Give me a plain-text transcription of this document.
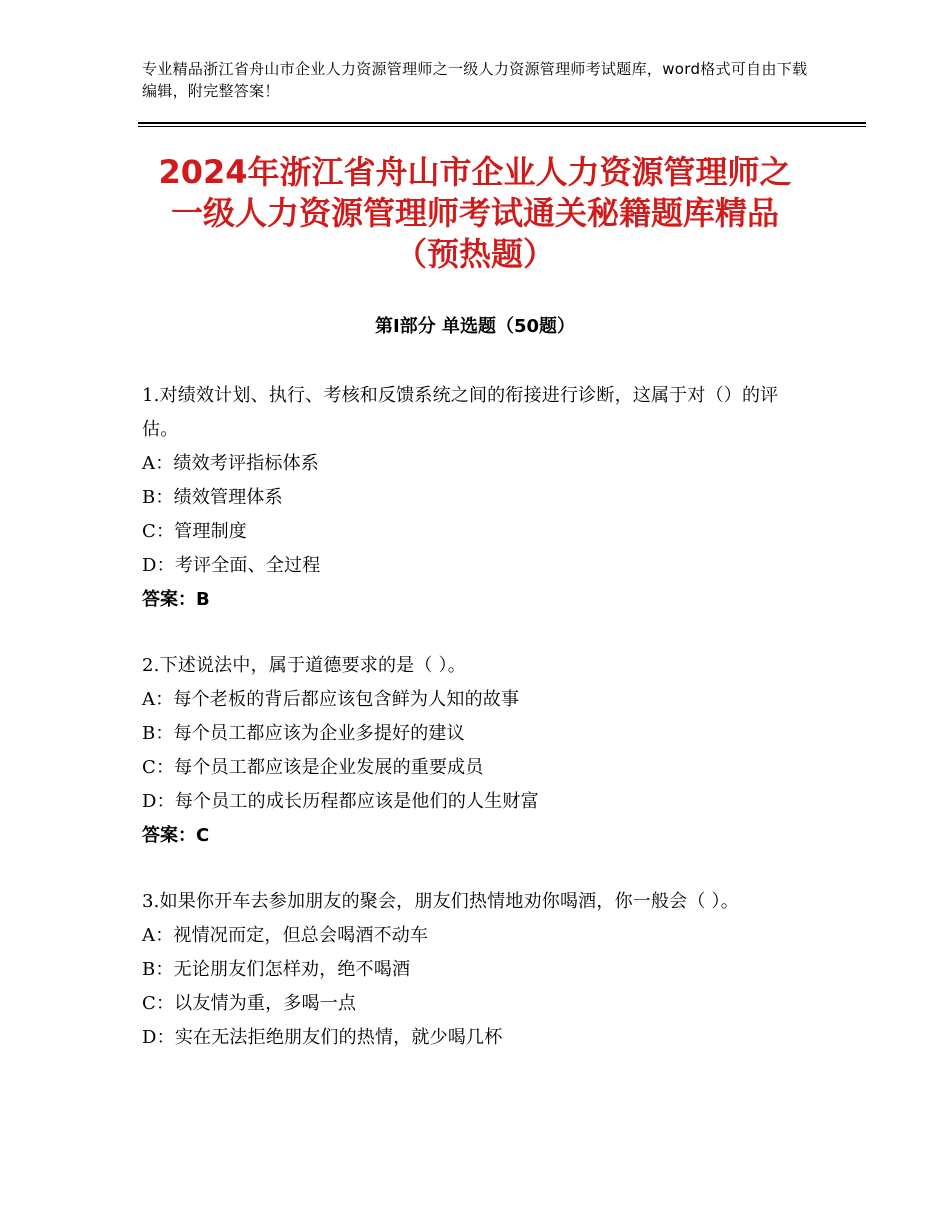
专业精品浙江省舟山市企业人力资源管理师之一级人力资源管理师考试题库，word格式可自由下载编辑，附完整答案！
2024年浙江省舟山市企业人力资源管理师之
一级人力资源管理师考试通关秘籍题库精品
（预热题）
第Ⅰ部分 单选题（50题）
1.对绩效计划、执行、考核和反馈系统之间的衔接进行诊断，这属于对（）的评估。
A：绩效考评指标体系
B：绩效管理体系
C：管理制度
D：考评全面、全过程
答案：B
2.下述说法中，属于道德要求的是（ ）。
A：每个老板的背后都应该包含鲜为人知的故事
B：每个员工都应该为企业多提好的建议
C：每个员工都应该是企业发展的重要成员
D：每个员工的成长历程都应该是他们的人生财富
答案：C
3.如果你开车去参加朋友的聚会，朋友们热情地劝你喝酒，你一般会（ ）。
A：视情况而定，但总会喝酒不动车
B：无论朋友们怎样劝，绝不喝酒
C：以友情为重，多喝一点
D：实在无法拒绝朋友们的热情，就少喝几杯
